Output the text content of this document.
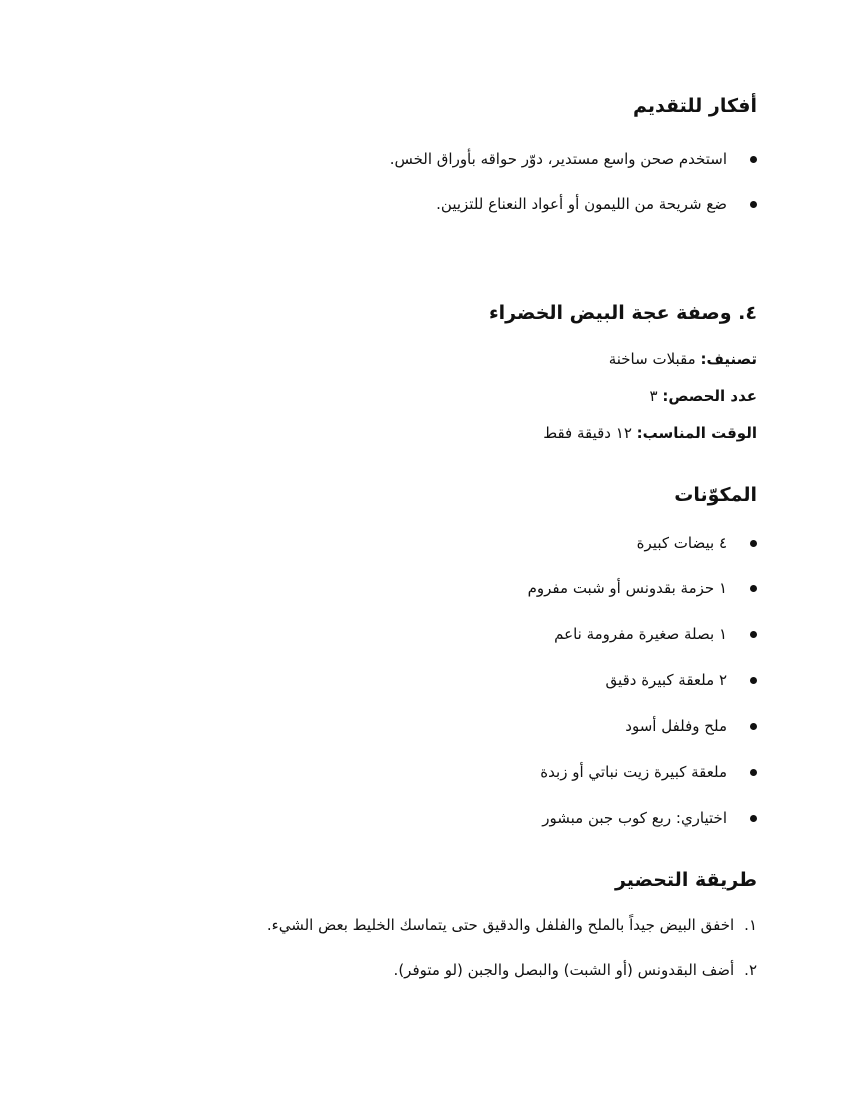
أفكار للتقديم
استخدم صحن واسع مستدير، دوّر حواقه بأوراق الخس.
ضع شريحة من الليمون أو أعواد النعناع للتزيين.
٤. وصفة عجة البيض الخضراء
تصنيف: مقبلات ساخنة
عدد الحصص: ٣
الوقت المناسب: ١٢ دقيقة فقط
المكوّنات
٤ بيضات كبيرة
١ حزمة بقدونس أو شبت مفروم
١ بصلة صغيرة مفرومة ناعم
٢ ملعقة كبيرة دقيق
ملح وفلفل أسود
ملعقة كبيرة زيت نباتي أو زبدة
اختياري: ربع كوب جبن مبشور
طريقة التحضير
١.اخفق البيض جيداً بالملح والفلفل والدقيق حتى يتماسك الخليط بعض الشيء.
٢.أضف البقدونس (أو الشبت) والبصل والجبن (لو متوفر).
